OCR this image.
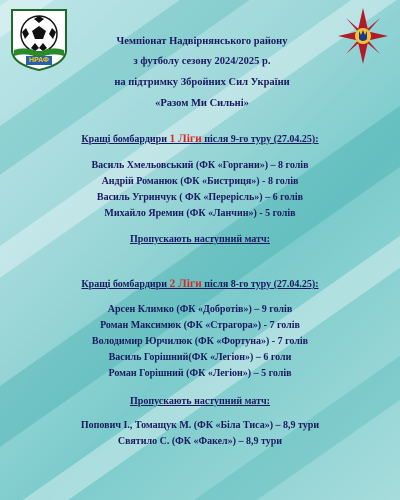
НРАФ
Чемпіонат Надвірнянського району
з футболу сезону 2024/2025 р.
на підтримку Збройних Сил України
«Разом Ми Сильні»
Кращі бомбардири 1 Ліги після 9-го туру (27.04.25):
Василь Хмельовський (ФК «Горгани») – 8 голів
Андрій Романюк (ФК «Бистриця») - 8 голів
Василь Угринчук ( ФК «Перерісль») – 6 голів
Михайло Яремин (ФК «Ланчин») - 5 голів
Пропускають наступний матч:
Кращі бомбардири 2 Ліги після 8-го туру (27.04.25):
Арсен Климко (ФК «Добротів») – 9 голів
Роман Максимюк (ФК «Страгора») - 7 голів
Володимир Юрчилюк (ФК «Фортуна») - 7 голів
Василь Горішний(ФК «Легіон») – 6 голи
Роман Горішний (ФК «Легіон») – 5 голів
Пропускають наступний матч:
Попович І., Томащук М. (ФК «Біла Тиса») – 8,9 тури
Святило С. (ФК «Факел») – 8,9 тури
